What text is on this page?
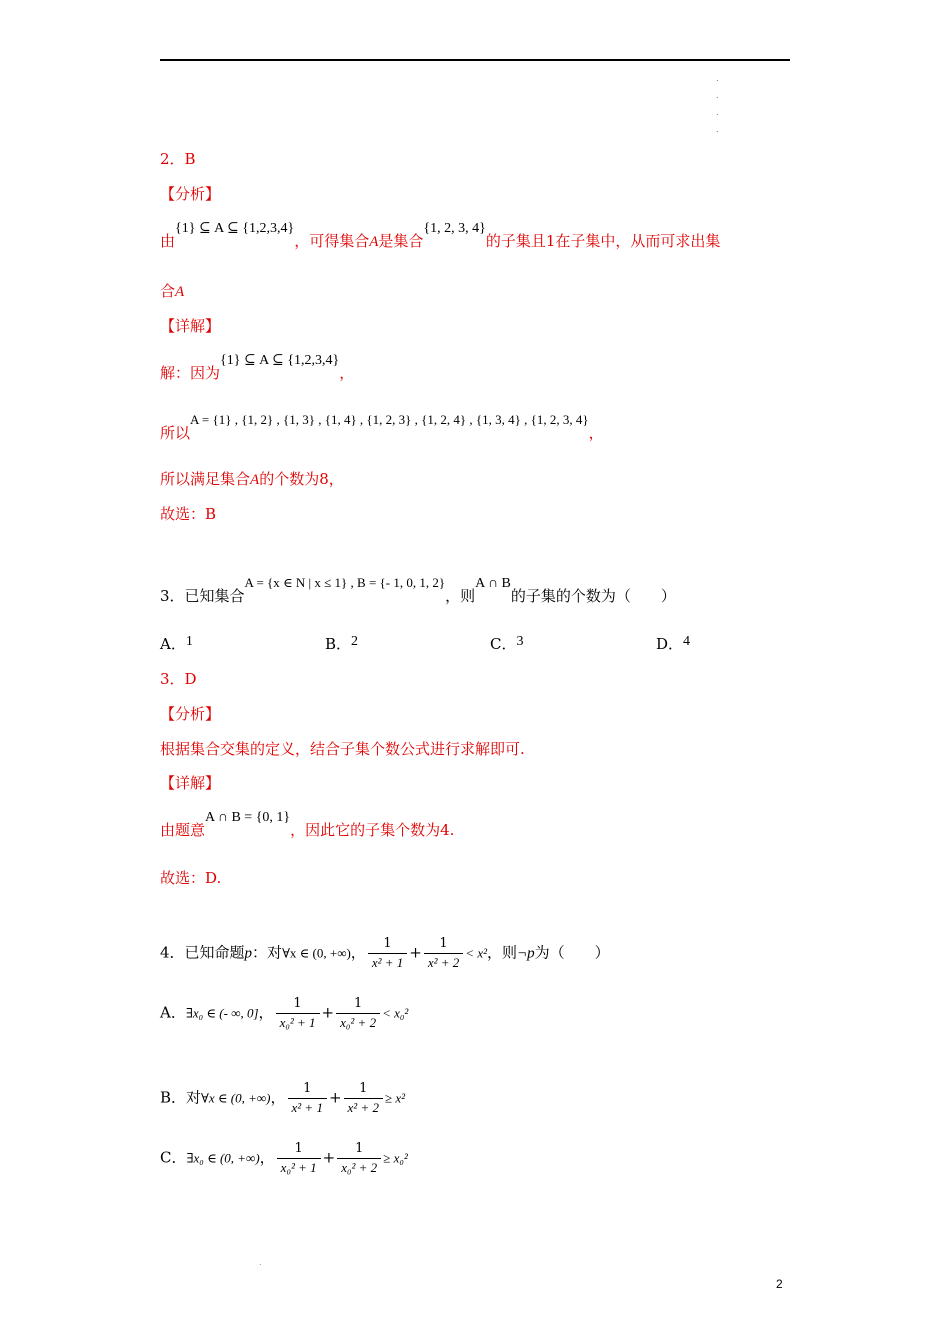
.
.
.
.
2．B
【分析】
由{1} ⊆ A ⊆ {1,2,3,4}，可得集合A是集合{1, 2, 3, 4}的子集且1在子集中，从而可求出集
合A
【详解】
解：因为{1} ⊆ A ⊆ {1,2,3,4}，
所以A = {1} , {1, 2} , {1, 3} , {1, 4} , {1, 2, 3} , {1, 2, 4} , {1, 3, 4} , {1, 2, 3, 4}，
所以满足集合A的个数为8，
故选：B
3．已知集合A = {x ∈ N | x ≤ 1} , B = {- 1, 0, 1, 2}，则A ∩ B的子集的个数为（　　）
A．1	B．2	C．3	D．4
3．D
【分析】
根据集合交集的定义，结合子集个数公式进行求解即可.
【详解】
由题意A ∩ B = {0, 1}，因此它的子集个数为4.
故选：D.
4．已知命题p：对∀x ∈ (0, +∞)， $\frac{1}{\text{x² + 1}} + \frac{1}{\text{x² + 2}} < x^2$，则¬p为（　　）
A．∃x₀ ∈ (- ∞, 0]， $\frac{1}{\text{x₀² + 1}} + \frac{1}{\text{x₀² + 2}} < x_0^2$
B．对∀x ∈ (0, +∞)， $\frac{1}{\text{x² + 1}} + \frac{1}{\text{x² + 2}} \ge x^2$
C．∃x₀ ∈ (0, +∞)， $\frac{1}{\text{x₀² + 1}} + \frac{1}{\text{x₀² + 2}} \ge x_0^2$
.
2
